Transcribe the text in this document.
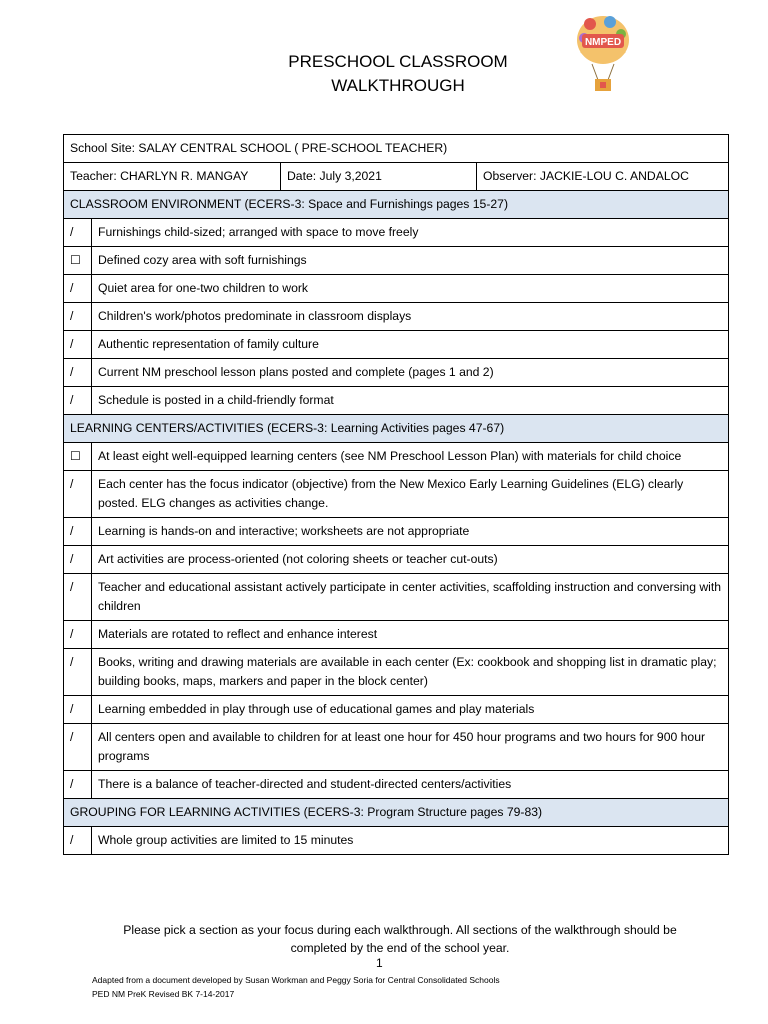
PRESCHOOL CLASSROOM
WALKTHROUGH
NMPED
School Site: SALAY CENTRAL SCHOOL ( PRE-SCHOOL TEACHER)			
Teacher: CHARLYN R. MANGAY		Date: July 3,2021	Observer: JACKIE-LOU C. ANDALOC
CLASSROOM ENVIRONMENT (ECERS-3: Space and Furnishings pages 15-27)			
/	Furnishings child-sized; arranged with space to move freely		
☐	Defined cozy area with soft furnishings		
/	Quiet area for one-two children to work		
/	Children's work/photos predominate in classroom displays		
/	Authentic representation of family culture		
/	Current NM preschool lesson plans posted and complete (pages 1 and 2)		
/	Schedule is posted in a child-friendly format		
LEARNING CENTERS/ACTIVITIES (ECERS-3: Learning Activities pages 47-67)			
☐	At least eight well-equipped learning centers (see NM Preschool Lesson Plan) with materials for child choice		
/	Each center has the focus indicator (objective) from the New Mexico Early Learning Guidelines (ELG) clearly posted. ELG changes as activities change.		
/	Learning is hands-on and interactive; worksheets are not appropriate		
/	Art activities are process-oriented (not coloring sheets or teacher cut-outs)		
/	Teacher and educational assistant actively participate in center activities, scaffolding instruction and conversing with children		
/	Materials are rotated to reflect and enhance interest		
/	Books, writing and drawing materials are available in each center (Ex: cookbook and shopping list in dramatic play; building books, maps, markers and paper in the block center)		
/	Learning embedded in play through use of educational games and play materials		
/	All centers open and available to children for at least one hour for 450 hour programs and two hours for 900 hour programs		
/	There is a balance of teacher-directed and student-directed centers/activities		
GROUPING FOR LEARNING ACTIVITIES (ECERS-3: Program Structure pages 79-83)			
/	Whole group activities are limited to 15 minutes		
Please pick a section as your focus during each walkthrough. All sections of the walkthrough should be completed by the end of the school year.
1
Adapted from a document developed by Susan Workman and Peggy Soria for Central Consolidated Schools
PED NM PreK Revised BK 7-14-2017
